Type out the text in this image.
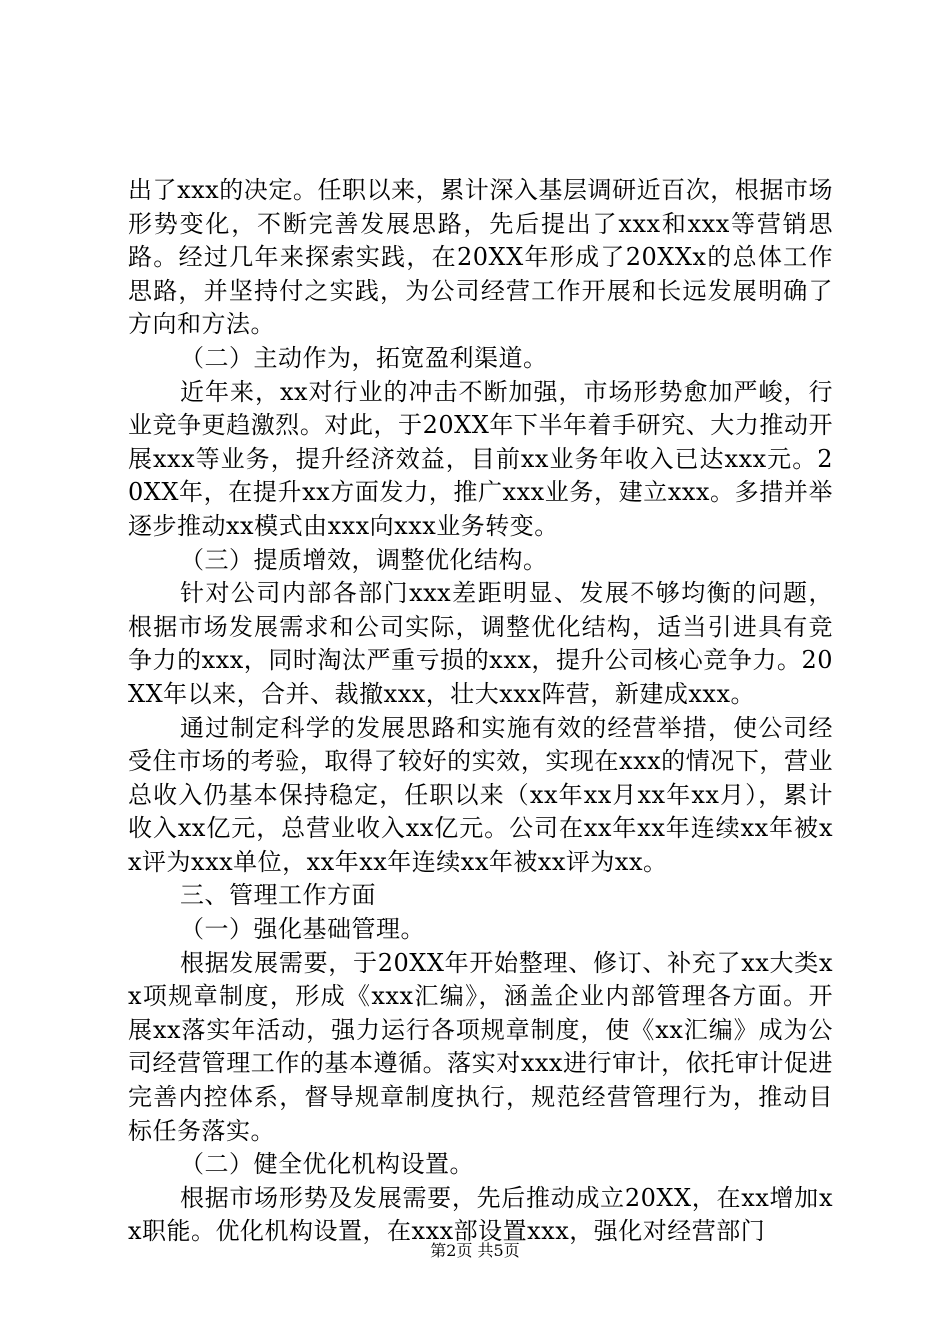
出了xxx的决定。任职以来，累计深入基层调研近百次，根据市场形势变化，不断完善发展思路，先后提出了xxx和xxx等营销思路。经过几年来探索实践，在20XX年形成了20XXx的总体工作思路，并坚持付之实践，为公司经营工作开展和长远发展明确了方向和方法。

（二）主动作为，拓宽盈利渠道。

近年来，xx对行业的冲击不断加强，市场形势愈加严峻，行业竞争更趋激烈。对此，于20XX年下半年着手研究、大力推动开展xxx等业务，提升经济效益，目前xx业务年收入已达xxx元。20XX年，在提升xx方面发力，推广xxx业务，建立xxx。多措并举逐步推动xx模式由xxx向xxx业务转变。

（三）提质增效，调整优化结构。

针对公司内部各部门xxx差距明显、发展不够均衡的问题，根据市场发展需求和公司实际，调整优化结构，适当引进具有竞争力的xxx，同时淘汰严重亏损的xxx，提升公司核心竞争力。20XX年以来，合并、裁撤xxx，壮大xxx阵营，新建成xxx。

通过制定科学的发展思路和实施有效的经营举措，使公司经受住市场的考验，取得了较好的实效，实现在xxx的情况下，营业总收入仍基本保持稳定，任职以来（xx年xx月xx年xx月），累计收入xx亿元，总营业收入xx亿元。公司在xx年xx年连续xx年被xx评为xxx单位，xx年xx年连续xx年被xx评为xx。

三、管理工作方面

（一）强化基础管理。

根据发展需要，于20XX年开始整理、修订、补充了xx大类xx项规章制度，形成《xxx汇编》，涵盖企业内部管理各方面。开展xx落实年活动，强力运行各项规章制度，使《xx汇编》成为公司经营管理工作的基本遵循。落实对xxx进行审计，依托审计促进完善内控体系，督导规章制度执行，规范经营管理行为，推动目标任务落实。

（二）健全优化机构设置。

根据市场形势及发展需要，先后推动成立20XX，在xx增加xx职能。优化机构设置，在xxx部设置xxx，强化对经营部门

第2页 共5页
